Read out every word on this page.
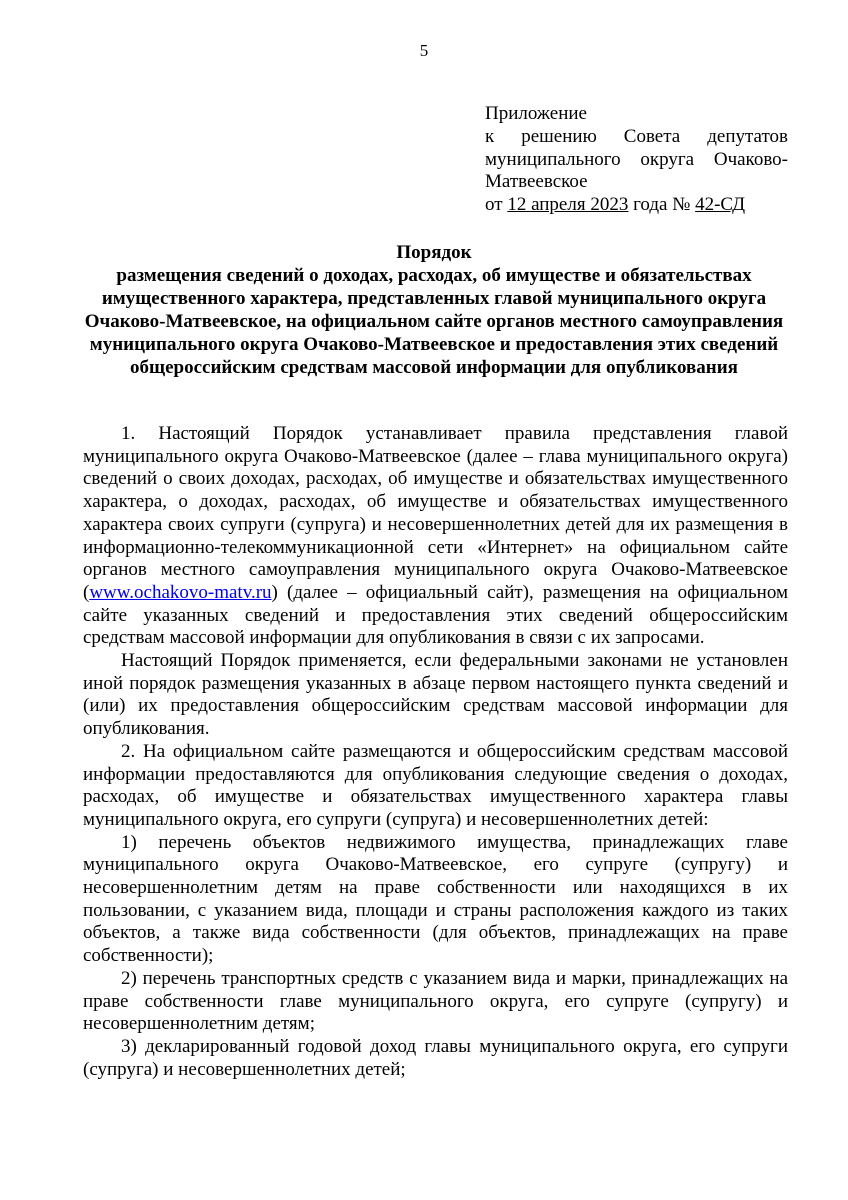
5
Приложение
к решению Совета депутатов муниципального округа Очаково-Матвеевское
от 12 апреля 2023 года № 42-СД
Порядок
размещения сведений о доходах, расходах, об имуществе и обязательствах имущественного характера, представленных главой муниципального округа Очаково-Матвеевское, на официальном сайте органов местного самоуправления муниципального округа Очаково-Матвеевское и предоставления этих сведений общероссийским средствам массовой информации для опубликования

1. Настоящий Порядок устанавливает правила представления главой муниципального округа Очаково-Матвеевское (далее – глава муниципального округа) сведений о своих доходах, расходах, об имуществе и обязательствах имущественного характера, о доходах, расходах, об имуществе и обязательствах имущественного характера своих супруги (супруга) и несовершеннолетних детей для их размещения в информационно-телекоммуникационной сети «Интернет» на официальном сайте органов местного самоуправления муниципального округа Очаково-Матвеевское (www.ochakovo-matv.ru) (далее – официальный сайт), размещения на официальном сайте указанных сведений и предоставления этих сведений общероссийским средствам массовой информации для опубликования в связи с их запросами.

Настоящий Порядок применяется, если федеральными законами не установлен иной порядок размещения указанных в абзаце первом настоящего пункта сведений и (или) их предоставления общероссийским средствам массовой информации для опубликования.

2. На официальном сайте размещаются и общероссийским средствам массовой информации предоставляются для опубликования следующие сведения о доходах, расходах, об имуществе и обязательствах имущественного характера главы муниципального округа, его супруги (супруга) и несовершеннолетних детей:

1) перечень объектов недвижимого имущества, принадлежащих главе муниципального округа Очаково-Матвеевское, его супруге (супругу) и несовершеннолетним детям на праве собственности или находящихся в их пользовании, с указанием вида, площади и страны расположения каждого из таких объектов, а также вида собственности (для объектов, принадлежащих на праве собственности);

2) перечень транспортных средств с указанием вида и марки, принадлежащих на праве собственности главе муниципального округа, его супруге (супругу) и несовершеннолетним детям;

3) декларированный годовой доход главы муниципального округа, его супруги (супруга) и несовершеннолетних детей;
